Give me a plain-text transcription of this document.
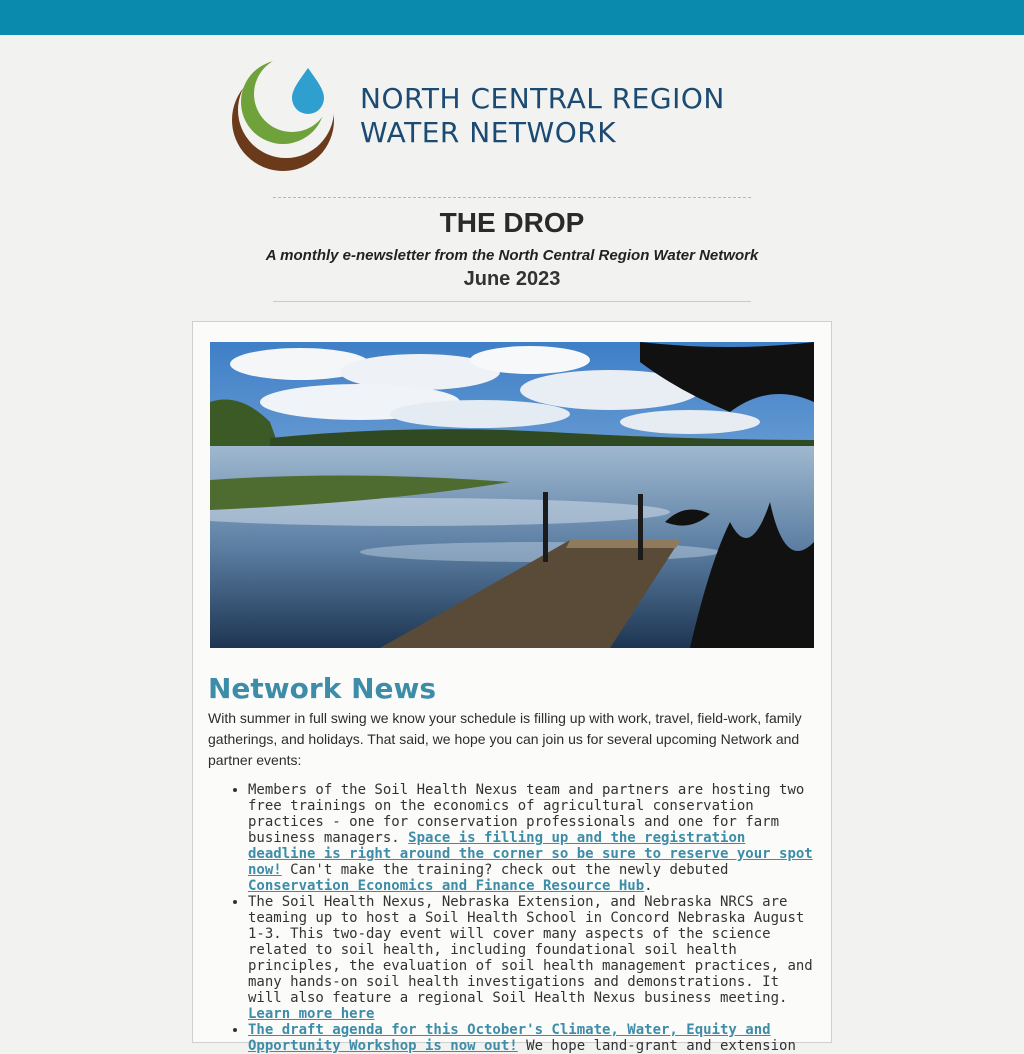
NORTH CENTRAL REGION
WATER NETWORK
THE DROP
A monthly e-newsletter from the North Central Region Water Network
June 2023
Network News
With summer in full swing we know your schedule is filling up with work, travel, field-work, family gatherings, and holidays. That said, we hope you can join us for several upcoming Network and partner events:
• Members of the Soil Health Nexus team and partners are hosting two free trainings on the economics of agricultural conservation practices - one for conservation professionals and one for farm business managers. Space is filling up and the registration deadline is right around the corner so be sure to reserve your spot now! Can't make the training? check out the newly debuted Conservation Economics and Finance Resource Hub.
• The Soil Health Nexus, Nebraska Extension, and Nebraska NRCS are teaming up to host a Soil Health School in Concord Nebraska August 1-3. This two-day event will cover many aspects of the science related to soil health, including foundational soil health principles, the evaluation of soil health management practices, and many hands-on soil health investigations and demonstrations. It will also feature a regional Soil Health Nexus business meeting. Learn more here
• The draft agenda for this October's Climate, Water, Equity and Opportunity Workshop is now out! We hope land-grant and extension
